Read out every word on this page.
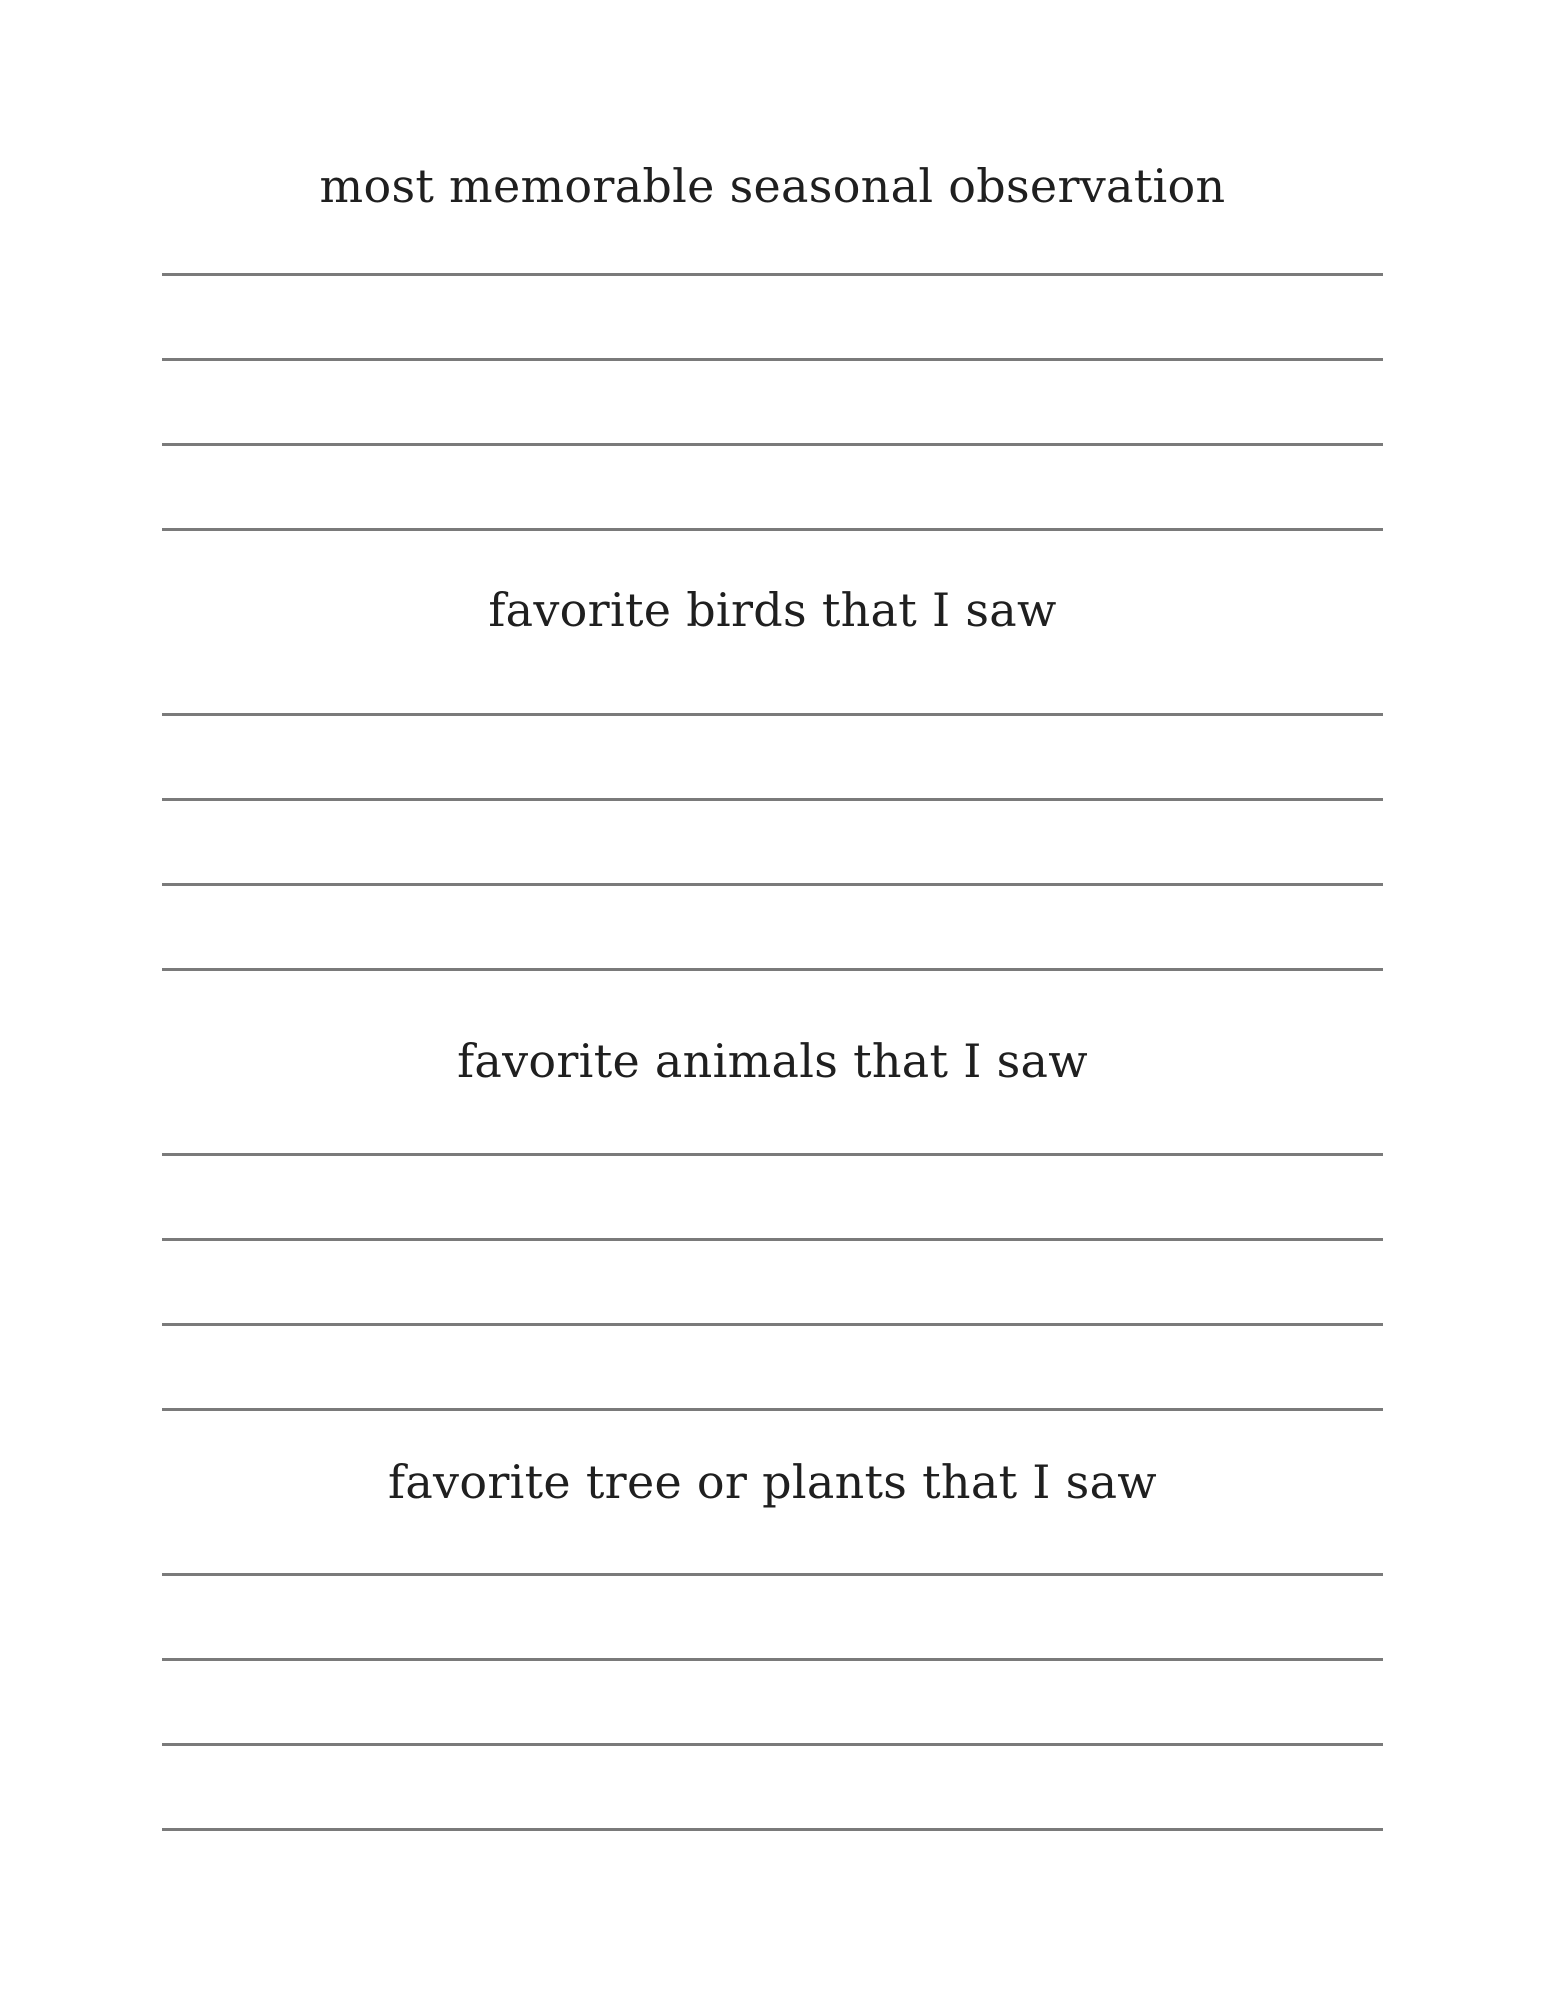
most memorable seasonal observation
favorite birds that I saw
favorite animals that I saw
favorite tree or plants that I saw
